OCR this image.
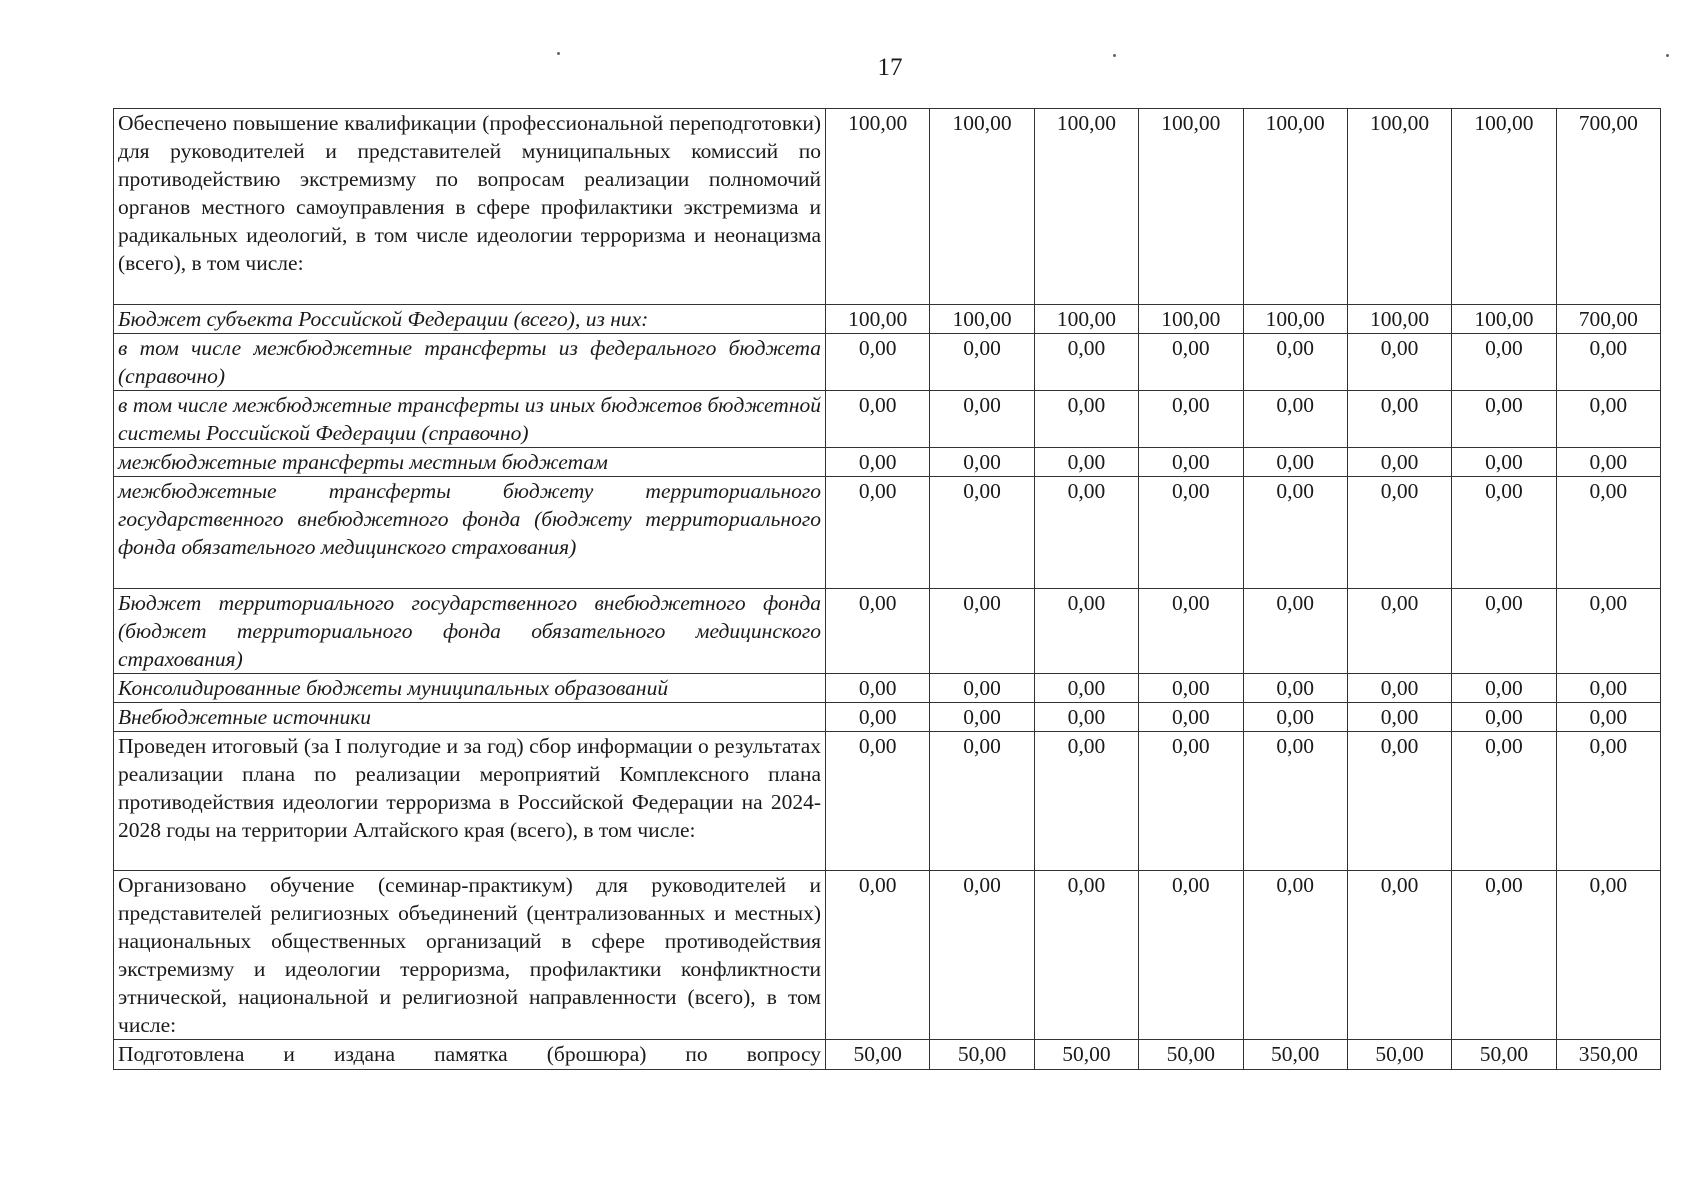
17
Обеспечено повышение квалификации (профессиональной переподготовки) для руководителей и представителей муниципальных комиссий по противодействию экстремизму по вопросам реализации полномочий органов местного самоуправления в сфере профилактики экстремизма и радикальных идеологий, в том числе идеологии терроризма и неонацизма (всего), в том числе:	100,00	100,00	100,00	100,00	100,00	100,00	100,00	700,00
Бюджет субъекта Российской Федерации (всего), из них:	100,00	100,00	100,00	100,00	100,00	100,00	100,00	700,00
в том числе межбюджетные трансферты из федерального бюджета (справочно)	0,00	0,00	0,00	0,00	0,00	0,00	0,00	0,00
в том числе межбюджетные трансферты из иных бюджетов бюджетной системы Российской Федерации (справочно)	0,00	0,00	0,00	0,00	0,00	0,00	0,00	0,00
межбюджетные трансферты местным бюджетам	0,00	0,00	0,00	0,00	0,00	0,00	0,00	0,00
межбюджетные трансферты бюджету территориального государственного внебюджетного фонда (бюджету территориального фонда обязательного медицинского страхования)	0,00	0,00	0,00	0,00	0,00	0,00	0,00	0,00
Бюджет территориального государственного внебюджетного фонда (бюджет территориального фонда обязательного медицинского страхования)	0,00	0,00	0,00	0,00	0,00	0,00	0,00	0,00
Консолидированные бюджеты муниципальных образований	0,00	0,00	0,00	0,00	0,00	0,00	0,00	0,00
Внебюджетные источники	0,00	0,00	0,00	0,00	0,00	0,00	0,00	0,00
Проведен итоговый (за I полугодие и за год) сбор информации о результатах реализации плана по реализации мероприятий Комплексного плана противодействия идеологии терроризма в Российской Федерации на 2024-2028 годы на территории Алтайского края (всего), в том числе:	0,00	0,00	0,00	0,00	0,00	0,00	0,00	0,00
Организовано обучение (семинар-практикум) для руководителей и представителей религиозных объединений (централизованных и местных) национальных общественных организаций в сфере противодействия экстремизму и идеологии терроризма, профилактики конфликтности этнической, национальной и религиозной направленности (всего), в том числе:	0,00	0,00	0,00	0,00	0,00	0,00	0,00	0,00
Подготовлена и издана памятка (брошюра) по вопросу	50,00	50,00	50,00	50,00	50,00	50,00	50,00	350,00
